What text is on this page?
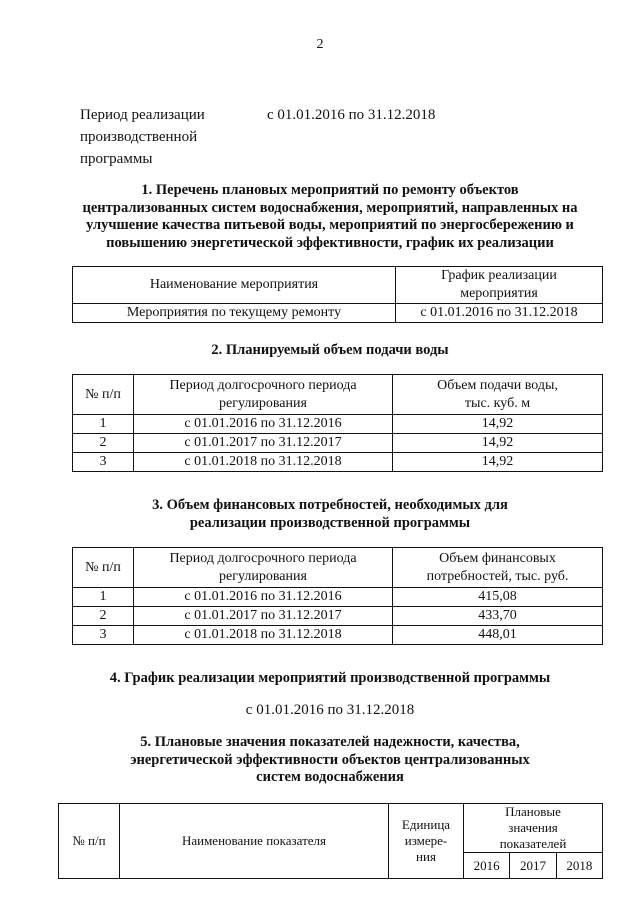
2
Период реализации
производственной
программы
с 01.01.2016 по 31.12.2018
1. Перечень плановых мероприятий по ремонту объектов
централизованных систем водоснабжения, мероприятий, направленных на
улучшение качества питьевой воды, мероприятий по энергосбережению и
повышению энергетической эффективности, график их реализации
Наименование мероприятия	График реализации мероприятия
Мероприятия по текущему ремонту	с 01.01.2016 по 31.12.2018
2. Планируемый объем подачи воды
№ п/п	Период долгосрочного периода регулирования	Объем подачи воды, тыс. куб. м
1	с 01.01.2016 по 31.12.2016	14,92
2	с 01.01.2017 по 31.12.2017	14,92
3	с 01.01.2018 по 31.12.2018	14,92
3. Объем финансовых потребностей, необходимых для
реализации производственной программы
№ п/п	Период долгосрочного периода регулирования	Объем финансовых потребностей, тыс. руб.
1	с 01.01.2016 по 31.12.2016	415,08
2	с 01.01.2017 по 31.12.2017	433,70
3	с 01.01.2018 по 31.12.2018	448,01
4. График реализации мероприятий производственной программы
с 01.01.2016 по 31.12.2018
5. Плановые значения показателей надежности, качества,
энергетической эффективности объектов централизованных
систем водоснабжения
№ п/п	Наименование показателя	Единица измере- ния	Плановые значения показателей		
			2016	2017	2018
